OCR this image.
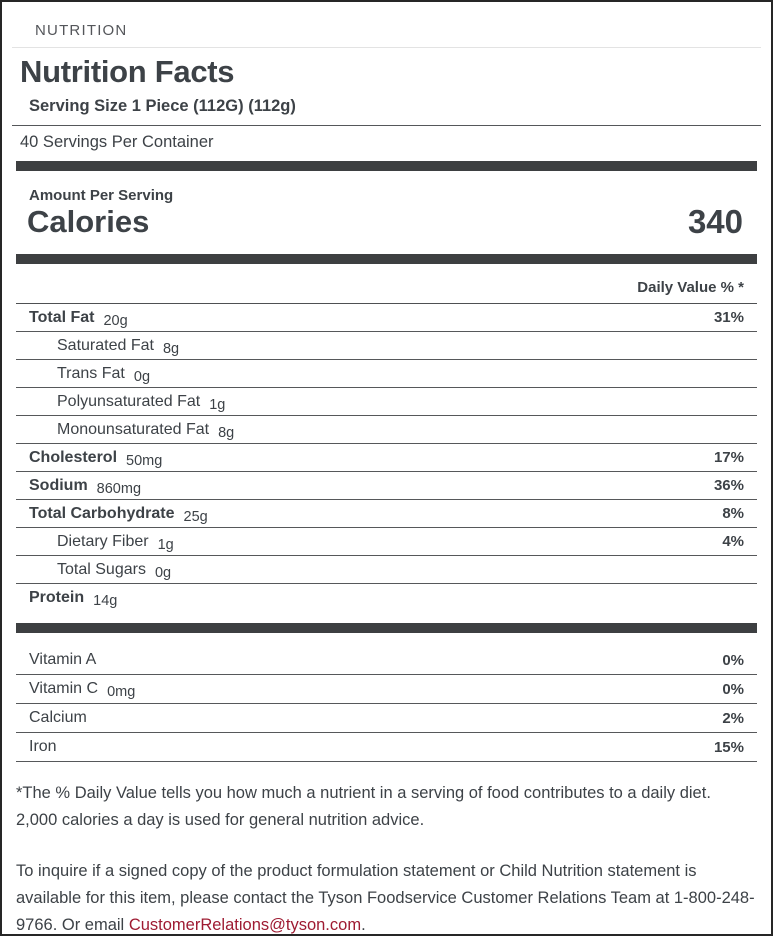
NUTRITION
Nutrition Facts
Serving Size 1 Piece (112G) (112g)
40 Servings Per Container
Amount Per Serving
Calories	340
Daily Value % *
Total Fat 20g	31%
Saturated Fat 8g
Trans Fat 0g
Polyunsaturated Fat 1g
Monounsaturated Fat 8g
Cholesterol 50mg	17%
Sodium 860mg	36%
Total Carbohydrate 25g	8%
Dietary Fiber 1g	4%
Total Sugars 0g
Protein 14g
Vitamin A	0%
Vitamin C 0mg	0%
Calcium	2%
Iron	15%

*The % Daily Value tells you how much a nutrient in a serving of food contributes to a daily diet. 2,000 calories a day is used for general nutrition advice.

To inquire if a signed copy of the product formulation statement or Child Nutrition statement is available for this item, please contact the Tyson Foodservice Customer Relations Team at 1-800-248-9766. Or email CustomerRelations@tyson.com.
